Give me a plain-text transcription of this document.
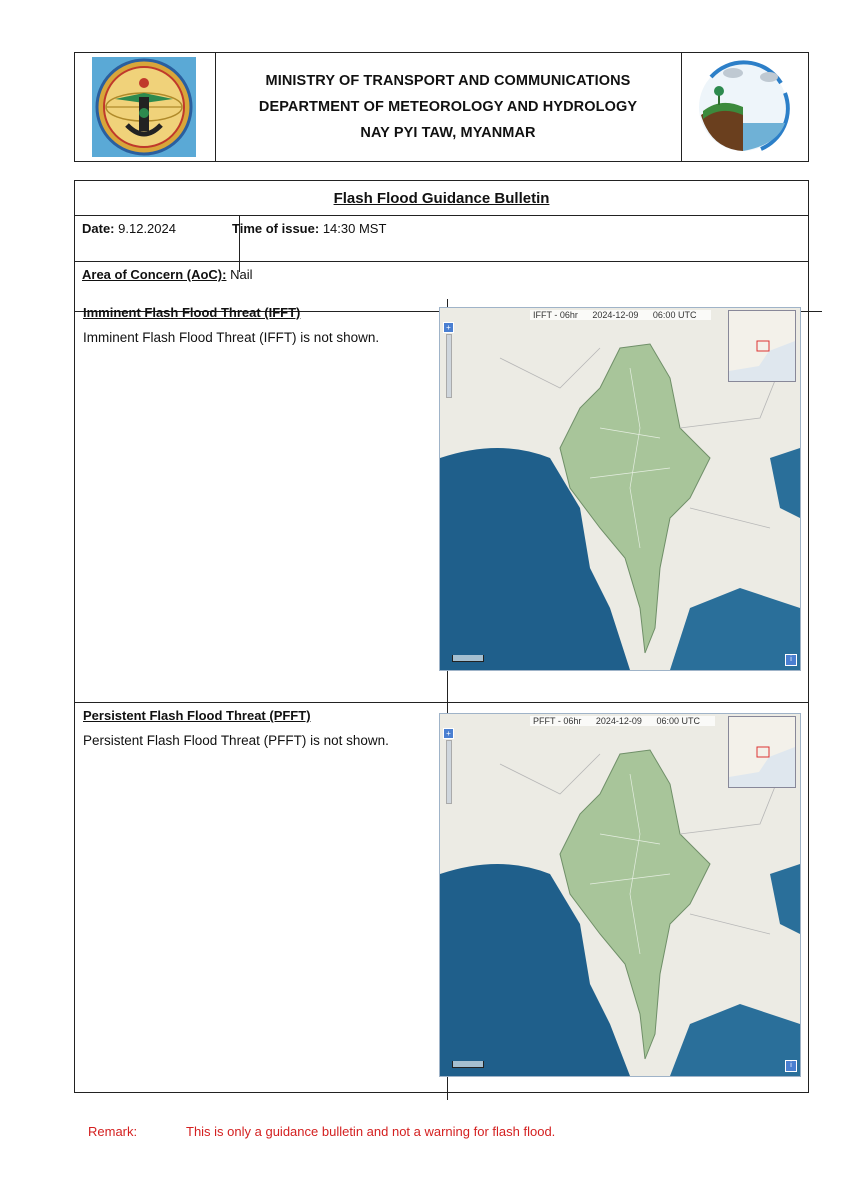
MINISTRY OF TRANSPORT AND COMMUNICATIONS
DEPARTMENT OF METEOROLOGY AND HYDROLOGY
NAY PYI TAW, MYANMAR
Flash Flood Guidance Bulletin
Date: 9.12.2024	Time of issue: 14:30 MST
Area of Concern (AoC): Nail
Imminent Flash Flood Threat (IFFT)
Imminent Flash Flood Threat (IFFT) is not shown.
IFFT - 06hr 2024-12-09 06:00 UTC
+
i
Persistent Flash Flood Threat (PFFT)
Persistent Flash Flood Threat (PFFT) is not shown.
PFFT - 06hr 2024-12-09 06:00 UTC
+
i
Remark:	This is only a guidance bulletin and not a warning for flash flood.
